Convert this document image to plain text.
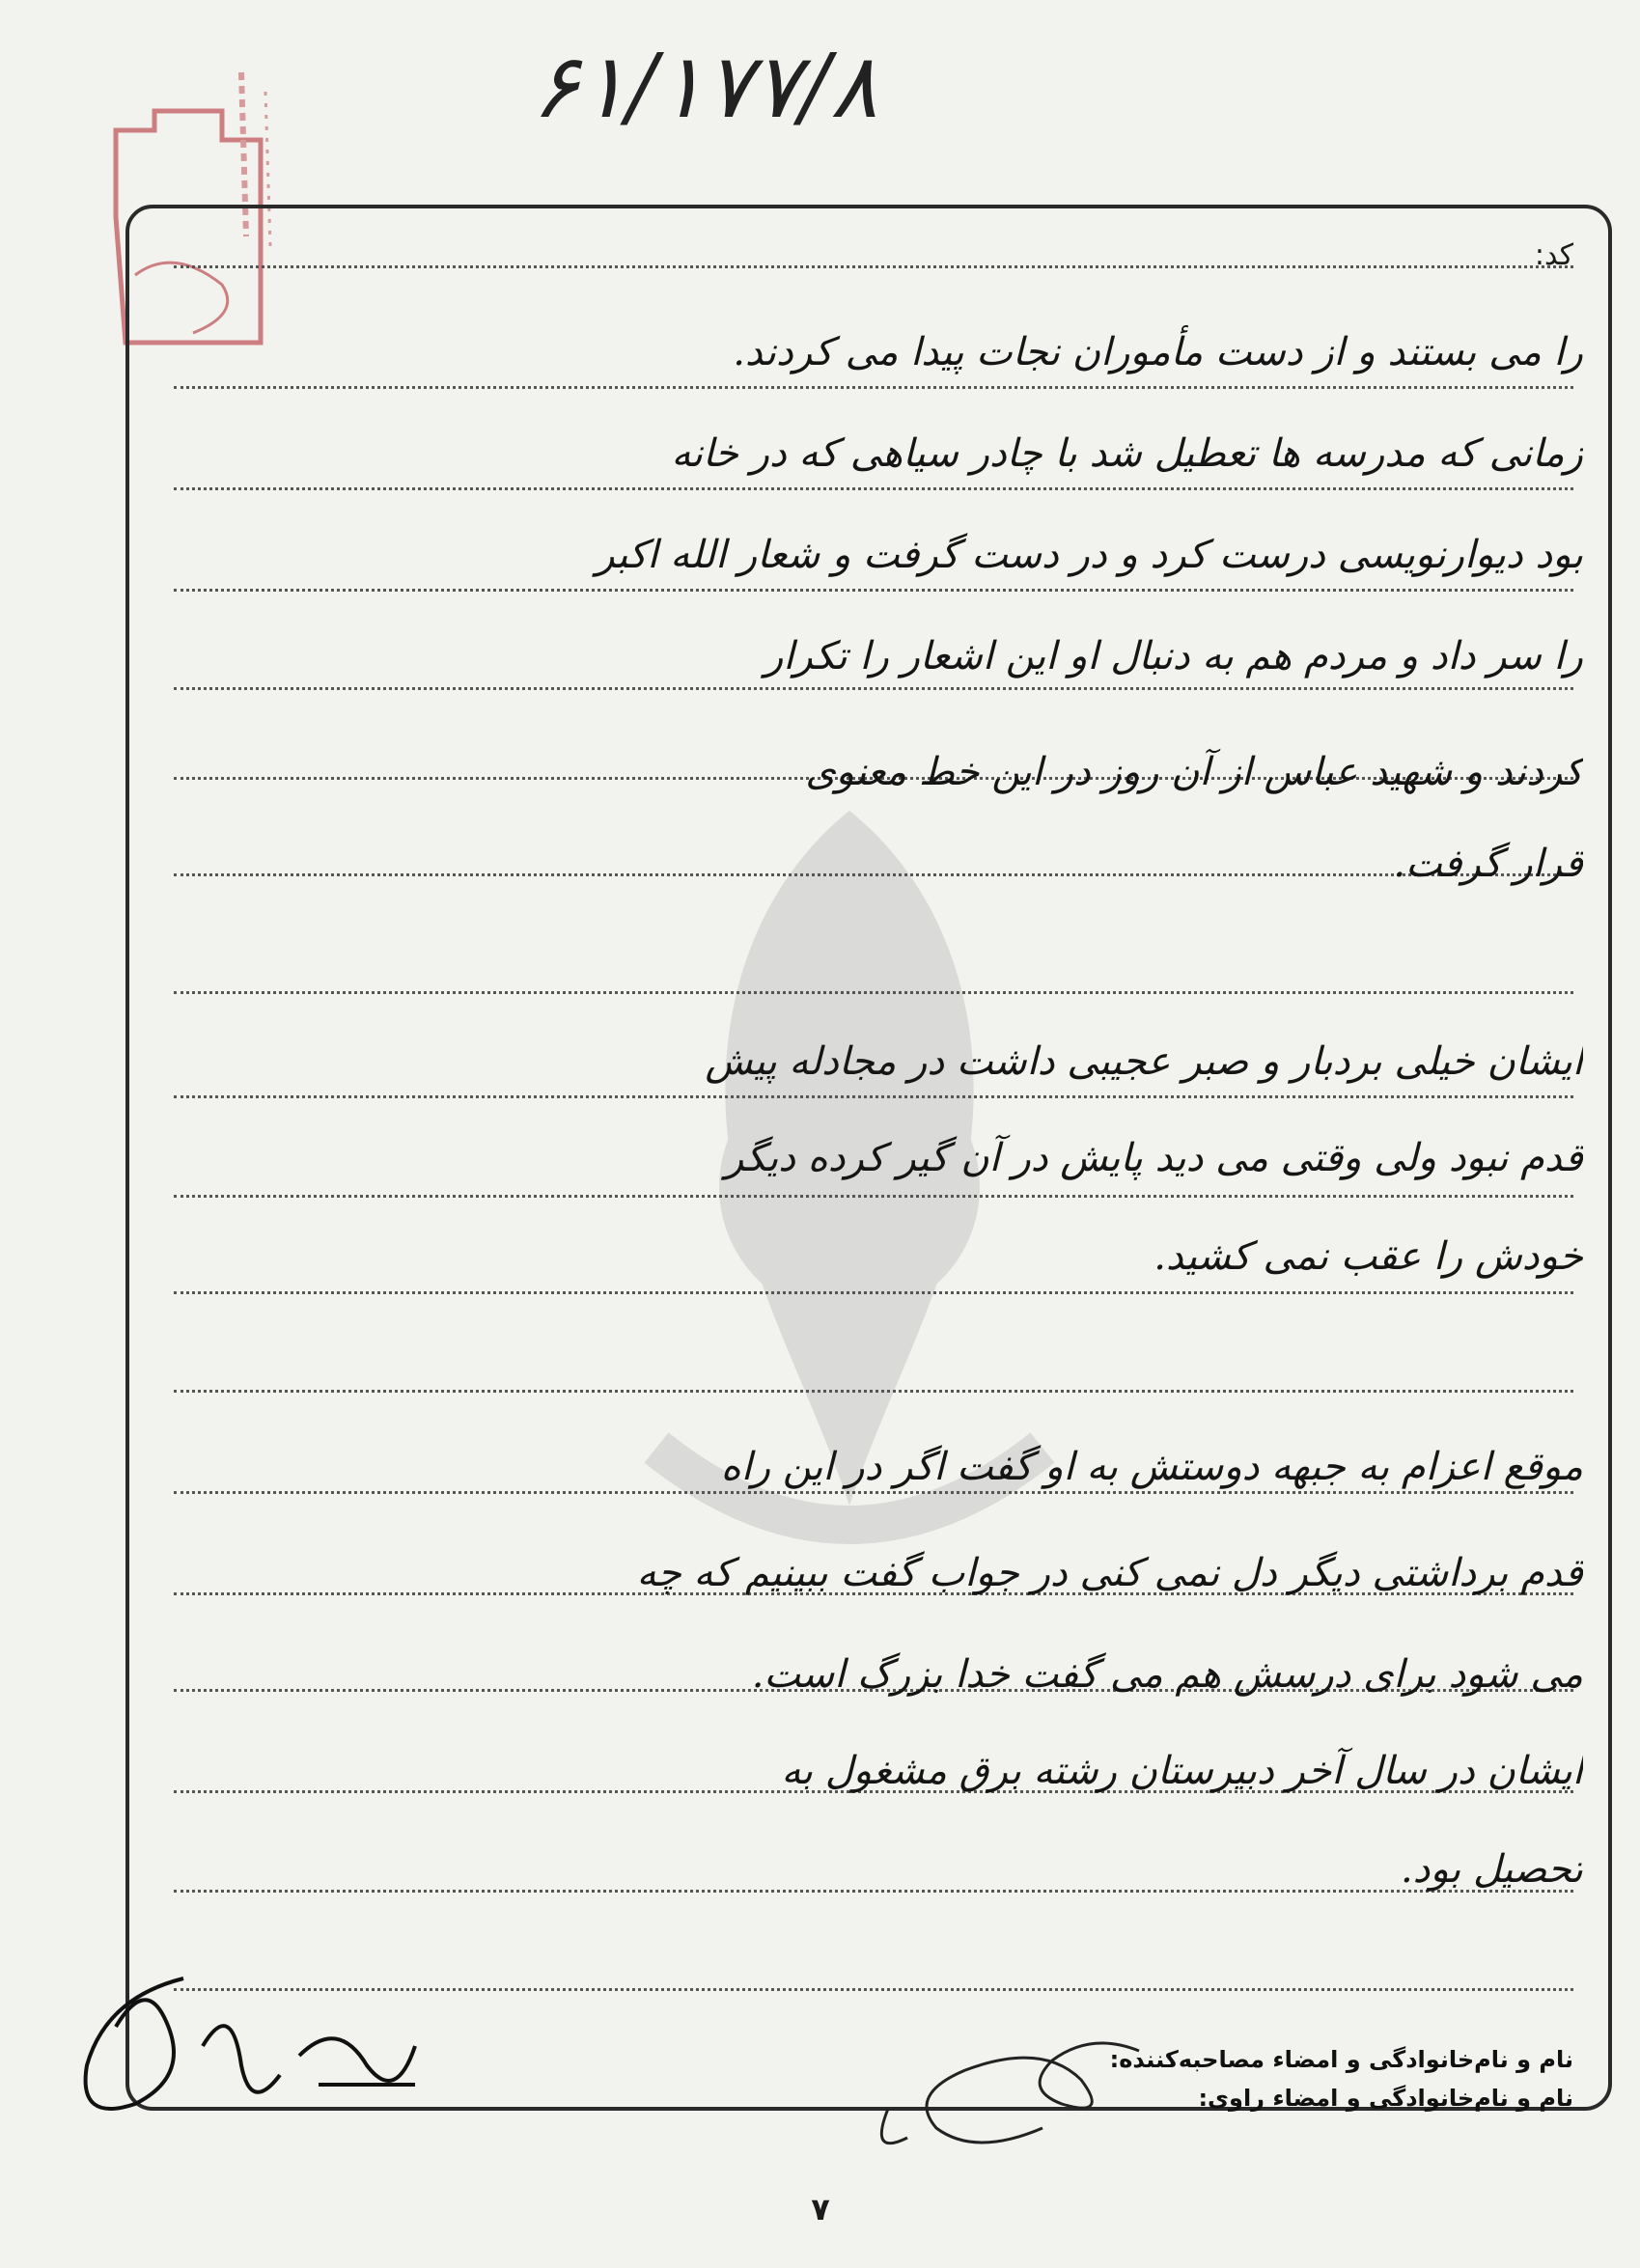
۶۱/۱۷۷/۸
کد:
را می بستند و از دست مأموران نجات پیدا می کردند.
زمانی که مدرسه ها تعطیل شد با چادر سیاهی که در خانه
بود دیوارنویسی درست کرد و در دست گرفت و شعار الله اکبر
را سر داد و مردم هم به دنبال او این اشعار را تکرار
کردند و شهید عباس از آن روز در این خط معنوی
قرار گرفت.
ایشان خیلی بردبار و صبر عجیبی داشت در مجادله پیش
قدم نبود ولی وقتی می دید پایش در آن گیر کرده دیگر
خودش را عقب نمی کشید.
موقع اعزام به جبهه دوستش به او گفت اگر در این راه
قدم برداشتی دیگر دل نمی کنی در جواب گفت ببینیم که چه
می شود برای درسش هم می گفت خدا بزرگ است.
ایشان در سال آخر دبیرستان رشته برق مشغول به
تحصیل بود.
نام و نام‌خانوادگی و امضاء مصاحبه‌کننده:
نام و نام‌خانوادگی و امضاء راوی:
۷
